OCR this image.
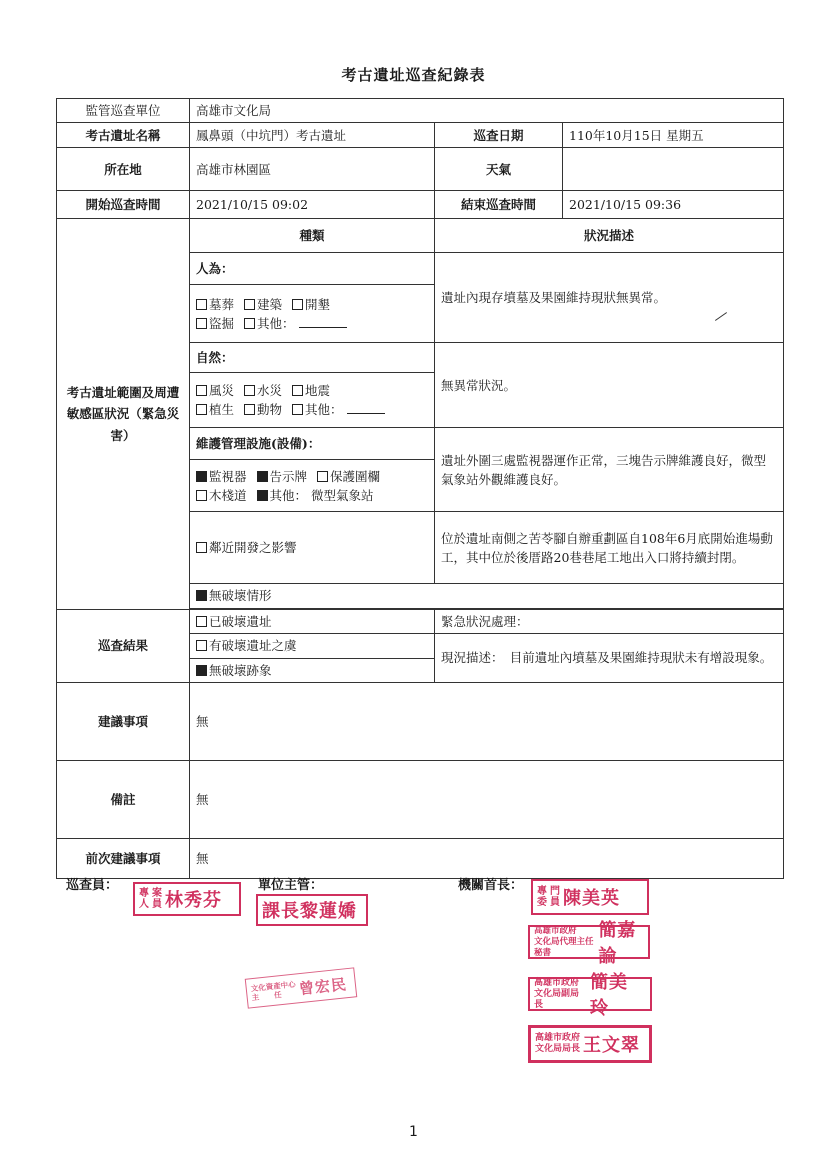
考古遺址巡查紀錄表
監管巡查單位	高雄市文化局		
考古遺址名稱	鳳鼻頭（中坑門）考古遺址	巡查日期	110年10月15日 星期五
所在地	高雄市林園區	天氣	
開始巡查時間	2021/10/15 09:02	結束巡查時間	2021/10/15 09:36
考古遺址範圍及周遭敏感區狀況（緊急災害）	種類	狀況描述	
	人為：	遺址內現存墳墓及果園維持現狀無異常。	
	墓葬 建築 開墾
盜掘 其他：		
	自然：	無異常狀況。	
	風災 水災 地震
植生 動物 其他：		
	維護管理設施(設備)：	遺址外圍三處監視器運作正常，三塊告示牌維護良好，微型氣象站外觀維護良好。	
	監視器 告示牌 保護圍欄
木棧道 其他： 微型氣象站		
	鄰近開發之影響	位於遺址南側之苦苓腳自辦重劃區自108年6月底開始進場動工，其中位於後厝路20巷巷尾工地出入口將持續封閉。	
	無破壞情形		

巡查結果	已破壞遺址	緊急狀況處理：	
	有破壞遺址之虞	現況描述：　目前遺址內墳墓及果園維持現狀未有增設現象。	
	無破壞跡象		
建議事項	無		
備註	無		
前次建議事項	無		
巡查員：	單位主管：	機關首長：
專
人
案
員 林秀芬
課長黎蓮嬌
專
委
門
員 陳美英
高雄市政府
文化局代理主任秘書
簡嘉論
文化資產中心
主　　任	曾宏民	高雄市政府
文化局副局長
簡美玲
高雄市政府
文化局局長 王文翠
1
